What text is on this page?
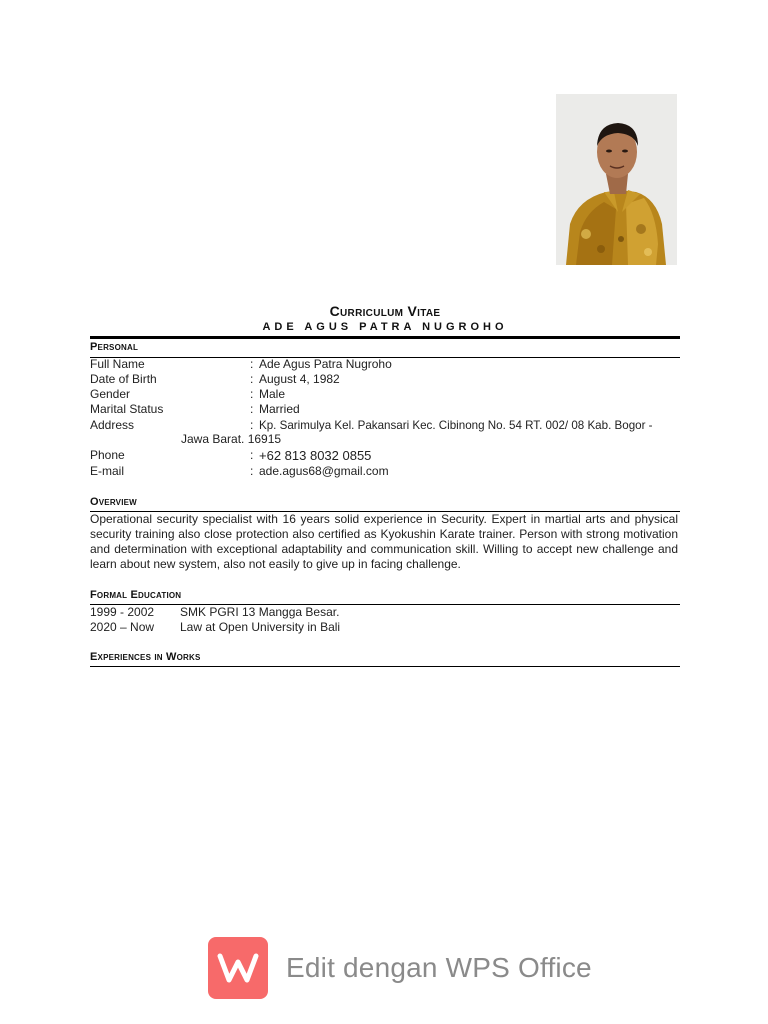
Curriculum Vitae
ADE AGUS PATRA NUGROHO
Personal
Full Name	: Ade Agus Patra Nugroho
Date of Birth	: August 4, 1982
Gender	: Male
Marital Status	: Married
Address	: Kp. Sarimulya Kel. Pakansari Kec. Cibinong No. 54 RT. 002/ 08 Kab. Bogor -
Jawa Barat. 16915
Phone	: +62 813 8032 0855
E-mail	: ade.agus68@gmail.com
Overview
Operational security specialist with 16 years solid experience in Security. Expert in martial arts and physical security training also close protection also certified as Kyokushin Karate trainer. Person with strong motivation and determination with exceptional adaptability and communication skill. Willing to accept new challenge and learn about new system, also not easily to give up in facing challenge.
Formal Education
1999 - 2002 SMK PGRI 13 Mangga Besar.
2020 – Now Law at Open University in Bali
Experiences in Works
Edit dengan WPS Office
